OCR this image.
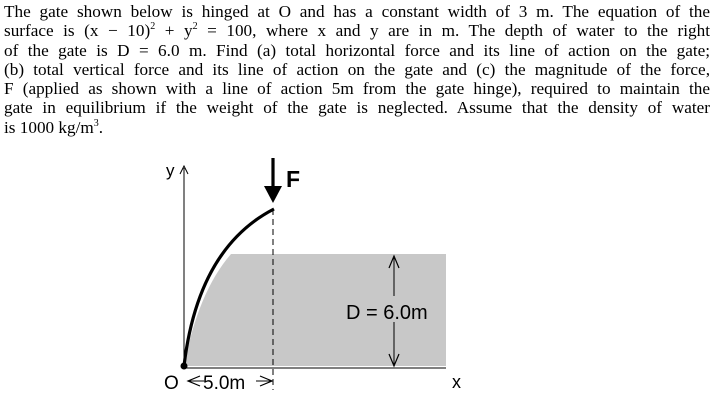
The gate shown below is hinged at O and has a constant width of 3 m. The equation of the
surface is $(x - 10)^2 + y^2 = 100$, where x and y are in m. The depth of water to the right
of the gate is D = 6.0 m. Find (a) total horizontal force and its line of action on the gate;
(b) total vertical force and its line of action on the gate and (c) the magnitude of the force,
F (applied as shown with a line of action 5m from the gate hinge), required to maintain the
gate in equilibrium if the weight of the gate is neglected. Assume that the density of water
is 1000 $kg/m^3$.
y
x
O
F
D = 6.0m
5.0m
